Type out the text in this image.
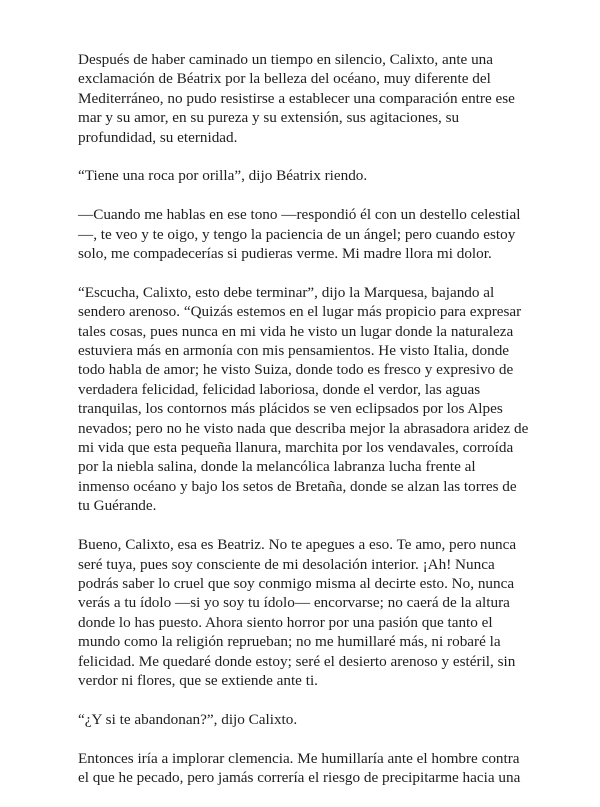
Después de haber caminado un tiempo en silencio, Calixto, ante una exclamación de Béatrix por la belleza del océano, muy diferente del Mediterráneo, no pudo resistirse a establecer una comparación entre ese mar y su amor, en su pureza y su extensión, sus agitaciones, su profundidad, su eternidad.

“Tiene una roca por orilla”, dijo Béatrix riendo.

—Cuando me hablas en ese tono —respondió él con un destello celestial—, te veo y te oigo, y tengo la paciencia de un ángel; pero cuando estoy solo, me compadecerías si pudieras verme. Mi madre llora mi dolor.

“Escucha, Calixto, esto debe terminar”, dijo la Marquesa, bajando al sendero arenoso. “Quizás estemos en el lugar más propicio para expresar tales cosas, pues nunca en mi vida he visto un lugar donde la naturaleza estuviera más en armonía con mis pensamientos. He visto Italia, donde todo habla de amor; he visto Suiza, donde todo es fresco y expresivo de verdadera felicidad, felicidad laboriosa, donde el verdor, las aguas tranquilas, los contornos más plácidos se ven eclipsados por los Alpes nevados; pero no he visto nada que describa mejor la abrasadora aridez de mi vida que esta pequeña llanura, marchita por los vendavales, corroída por la niebla salina, donde la melancólica labranza lucha frente al inmenso océano y bajo los setos de Bretaña, donde se alzan las torres de tu Guérande.

Bueno, Calixto, esa es Beatriz. No te apegues a eso. Te amo, pero nunca seré tuya, pues soy consciente de mi desolación interior. ¡Ah! Nunca podrás saber lo cruel que soy conmigo misma al decirte esto. No, nunca verás a tu ídolo —si yo soy tu ídolo— encorvarse; no caerá de la altura donde lo has puesto. Ahora siento horror por una pasión que tanto el mundo como la religión reprueban; no me humillaré más, ni robaré la felicidad. Me quedaré donde estoy; seré el desierto arenoso y estéril, sin verdor ni flores, que se extiende ante ti.

“¿Y si te abandonan?”, dijo Calixto.

Entonces iría a implorar clemencia. Me humillaría ante el hombre contra el que he pecado, pero jamás correría el riesgo de precipitarme hacia una
